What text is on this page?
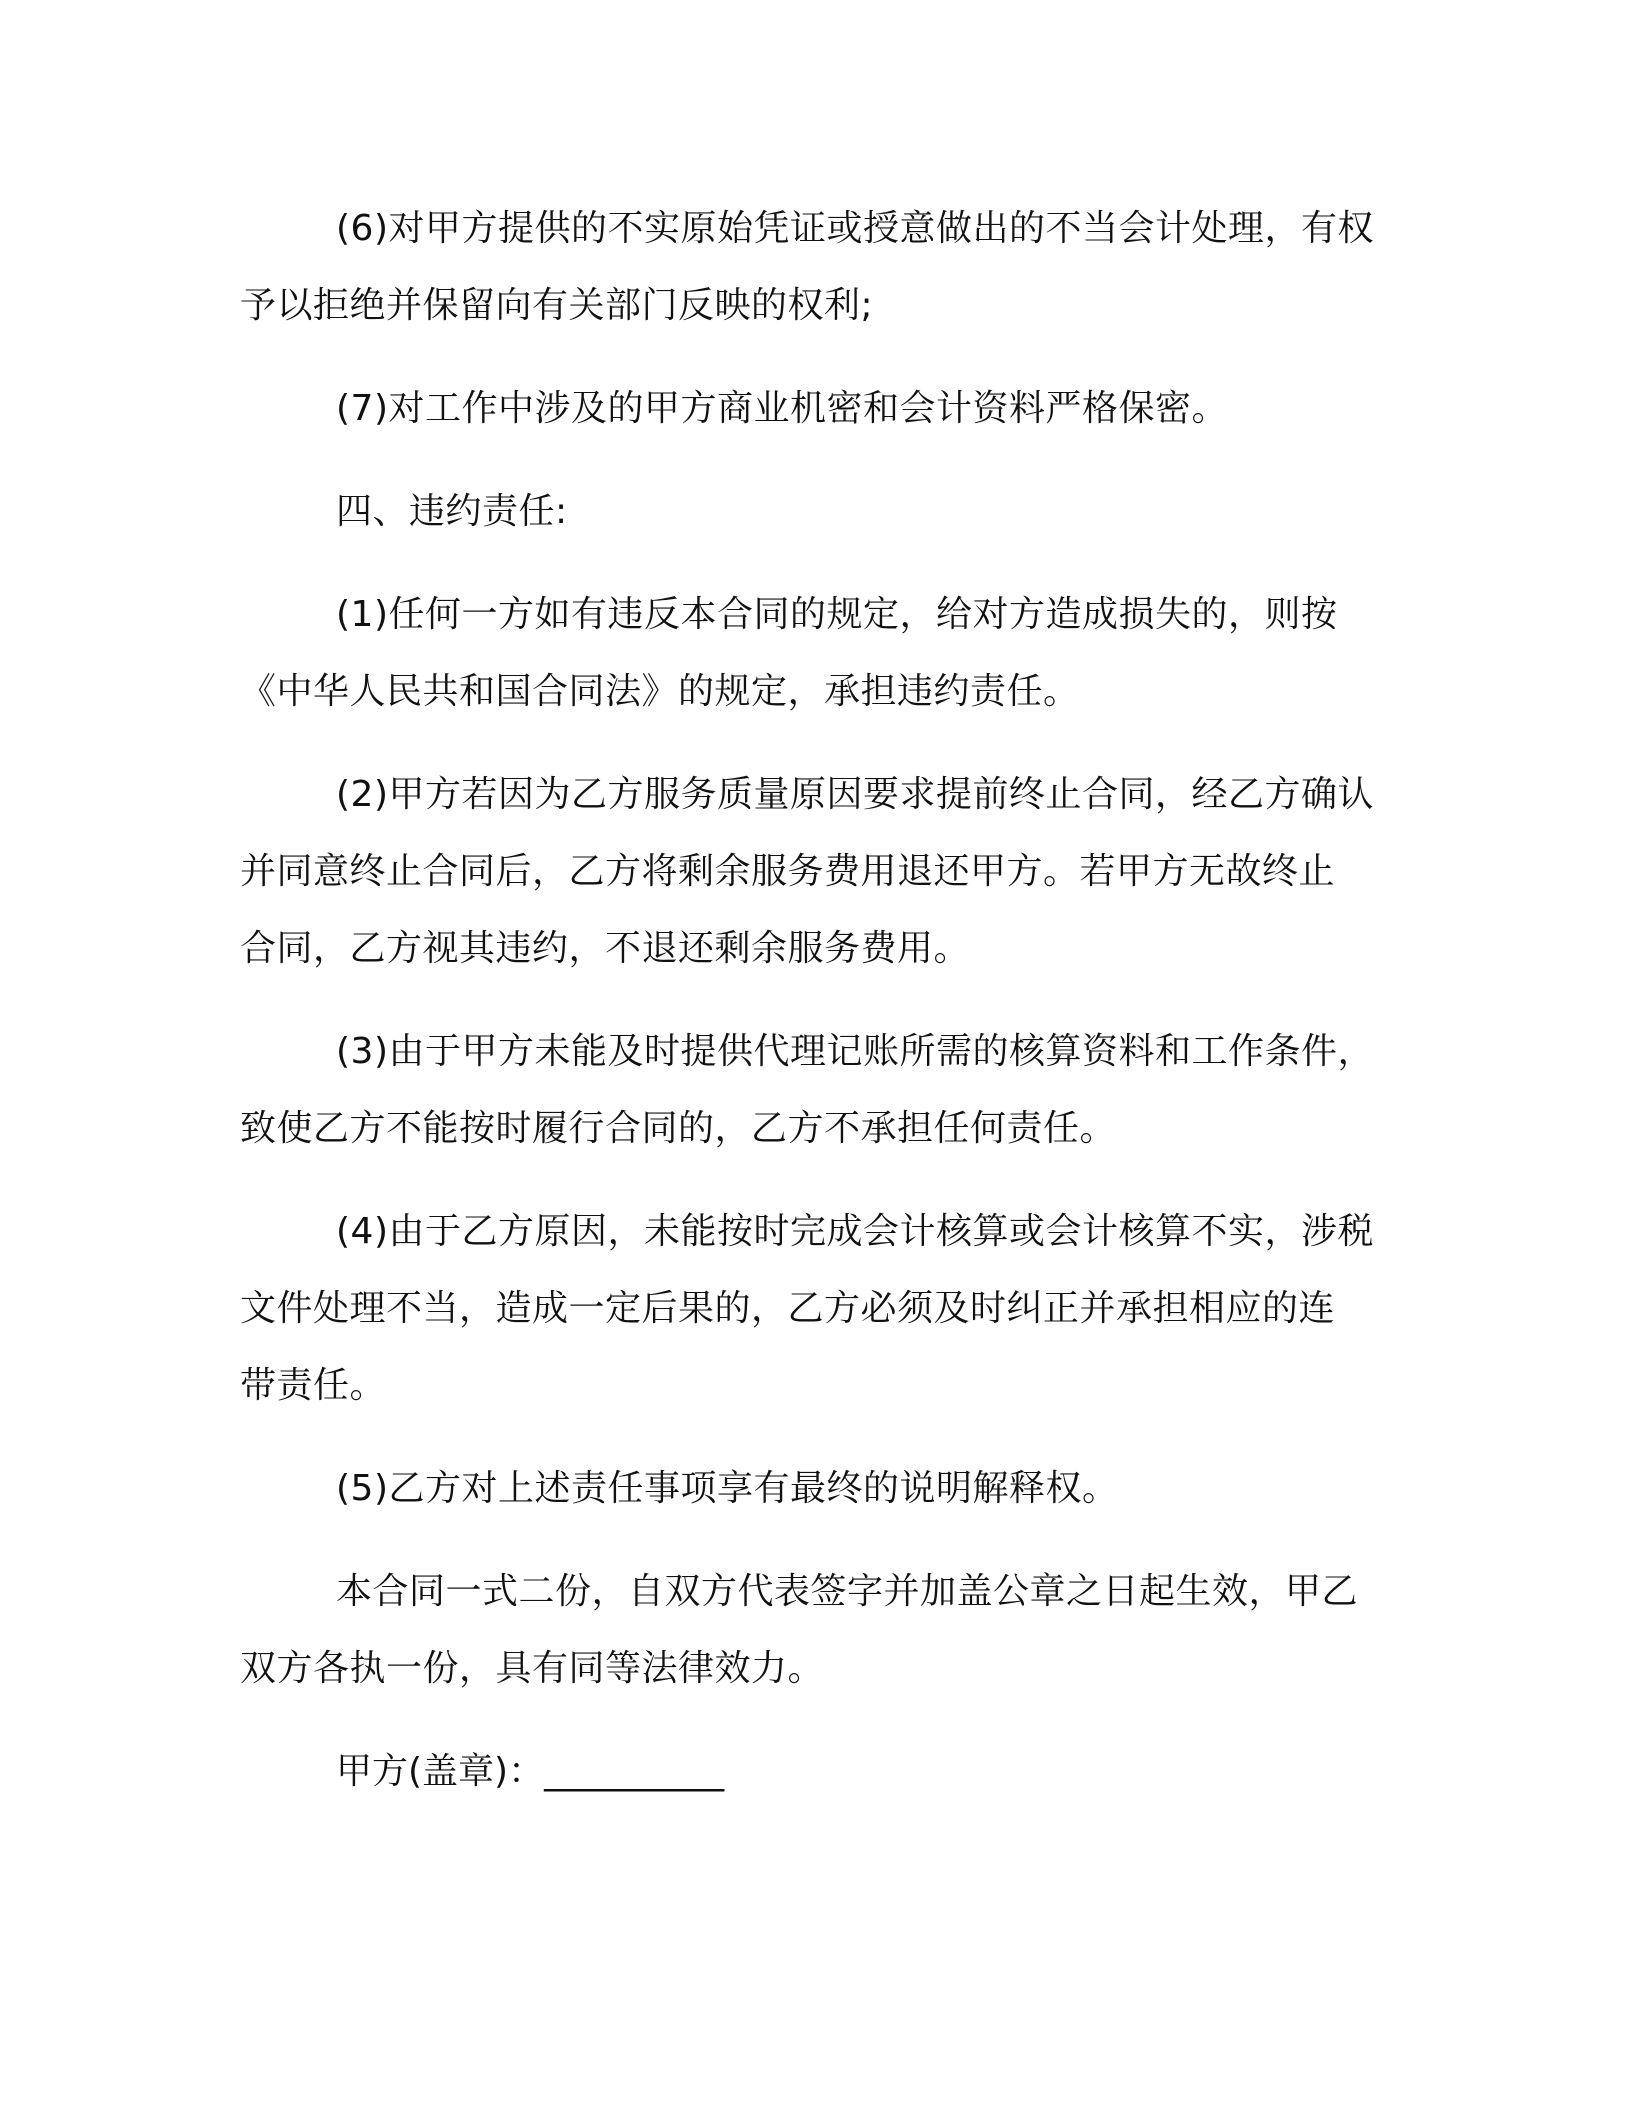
(6)对甲方提供的不实原始凭证或授意做出的不当会计处理，有权
予以拒绝并保留向有关部门反映的权利;
(7)对工作中涉及的甲方商业机密和会计资料严格保密。
四、违约责任:
(1)任何一方如有违反本合同的规定，给对方造成损失的，则按
《中华人民共和国合同法》的规定，承担违约责任。
(2)甲方若因为乙方服务质量原因要求提前终止合同，经乙方确认
并同意终止合同后，乙方将剩余服务费用退还甲方。若甲方无故终止
合同，乙方视其违约，不退还剩余服务费用。
(3)由于甲方未能及时提供代理记账所需的核算资料和工作条件，
致使乙方不能按时履行合同的，乙方不承担任何责任。
(4)由于乙方原因，未能按时完成会计核算或会计核算不实，涉税
文件处理不当，造成一定后果的，乙方必须及时纠正并承担相应的连
带责任。
(5)乙方对上述责任事项享有最终的说明解释权。
本合同一式二份，自双方代表签字并加盖公章之日起生效，甲乙
双方各执一份，具有同等法律效力。
甲方(盖章)：__________
